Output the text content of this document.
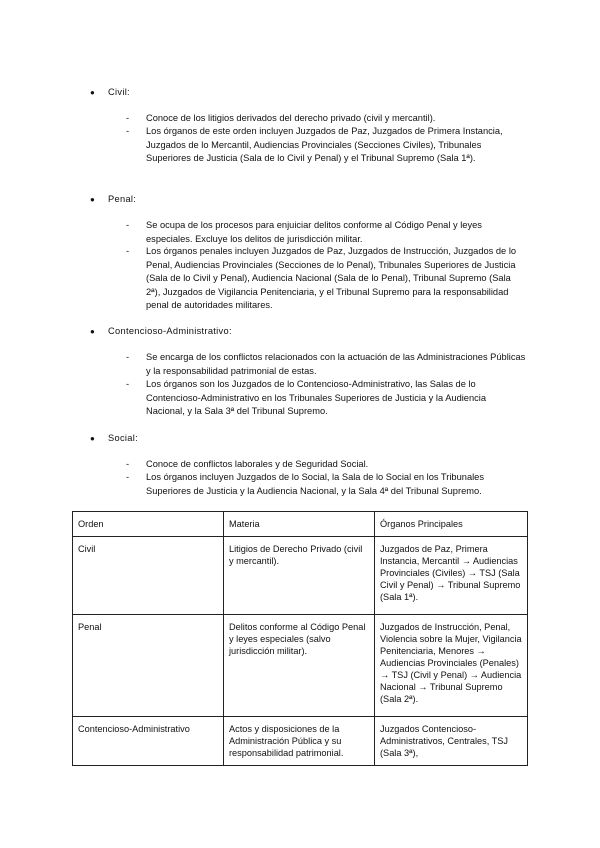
● Civil:
- Conoce de los litigios derivados del derecho privado (civil y mercantil).
- Los órganos de este orden incluyen Juzgados de Paz, Juzgados de Primera Instancia, Juzgados de lo Mercantil, Audiencias Provinciales (Secciones Civiles), Tribunales Superiores de Justicia (Sala de lo Civil y Penal) y el Tribunal Supremo (Sala 1ª).
● Penal:
- Se ocupa de los procesos para enjuiciar delitos conforme al Código Penal y leyes especiales. Excluye los delitos de jurisdicción militar.
- Los órganos penales incluyen Juzgados de Paz, Juzgados de Instrucción, Juzgados de lo Penal, Audiencias Provinciales (Secciones de lo Penal), Tribunales Superiores de Justicia (Sala de lo Civil y Penal), Audiencia Nacional (Sala de lo Penal), Tribunal Supremo (Sala 2ª), Juzgados de Vigilancia Penitenciaria, y el Tribunal Supremo para la responsabilidad penal de autoridades militares.
● Contencioso-Administrativo:
- Se encarga de los conflictos relacionados con la actuación de las Administraciones Públicas y la responsabilidad patrimonial de estas.
- Los órganos son los Juzgados de lo Contencioso-Administrativo, las Salas de lo Contencioso-Administrativo en los Tribunales Superiores de Justicia y la Audiencia Nacional, y la Sala 3ª del Tribunal Supremo.
● Social:
- Conoce de conflictos laborales y de Seguridad Social.
- Los órganos incluyen Juzgados de lo Social, la Sala de lo Social en los Tribunales Superiores de Justicia y la Audiencia Nacional, y la Sala 4ª del Tribunal Supremo.
Orden	Materia	Órganos Principales
Civil	Litigios de Derecho Privado (civil y mercantil).	Juzgados de Paz, Primera Instancia, Mercantil → Audiencias Provinciales (Civiles) → TSJ (Sala Civil y Penal) → Tribunal Supremo (Sala 1ª).
Penal	Delitos conforme al Código Penal y leyes especiales (salvo jurisdicción militar).	Juzgados de Instrucción, Penal, Violencia sobre la Mujer, Vigilancia Penitenciaria, Menores → Audiencias Provinciales (Penales) → TSJ (Civil y Penal) → Audiencia Nacional → Tribunal Supremo (Sala 2ª).
Contencioso-Administrativo	Actos y disposiciones de la Administración Pública y su responsabilidad patrimonial.	Juzgados Contencioso-Administrativos, Centrales, TSJ (Sala 3ª),
